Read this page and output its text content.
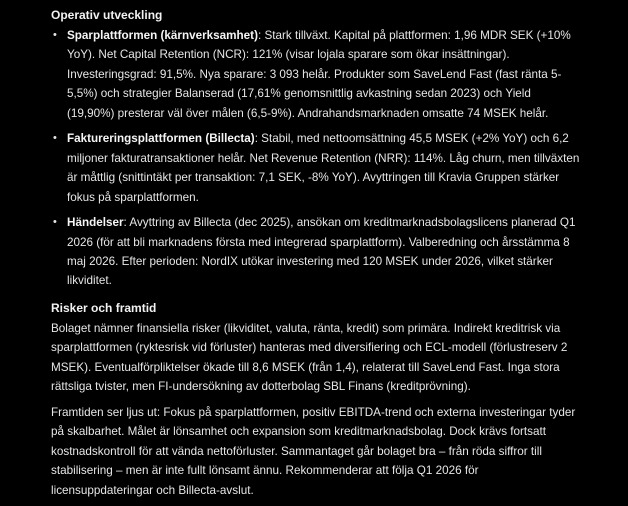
Operativ utveckling
• Sparplattformen (kärnverksamhet): Stark tillväxt. Kapital på plattformen: 1,96 MDR SEK (+10% YoY). Net Capital Retention (NCR): 121% (visar lojala sparare som ökar insättningar). Investeringsgrad: 91,5%. Nya sparare: 3 093 helår. Produkter som SaveLend Fast (fast ränta 5-5,5%) och strategier Balanserad (17,61% genomsnittlig avkastning sedan 2023) och Yield (19,90%) presterar väl över målen (6,5-9%). Andrahandsmarknaden omsatte 74 MSEK helår.
• Faktureringsplattformen (Billecta): Stabil, med nettoomsättning 45,5 MSEK (+2% YoY) och 6,2 miljoner fakturatransaktioner helår. Net Revenue Retention (NRR): 114%. Låg churn, men tillväxten är måttlig (snittintäkt per transaktion: 7,1 SEK, -8% YoY). Avyttringen till Kravia Gruppen stärker fokus på sparplattformen.
• Händelser: Avyttring av Billecta (dec 2025), ansökan om kreditmarknadsbolagslicens planerad Q1 2026 (för att bli marknadens första med integrerad sparplattform). Valberedning och årsstämma 8 maj 2026. Efter perioden: NordIX utökar investering med 120 MSEK under 2026, vilket stärker likviditet.
Risker och framtid

Bolaget nämner finansiella risker (likviditet, valuta, ränta, kredit) som primära. Indirekt kreditrisk via sparplattformen (ryktesrisk vid förluster) hanteras med diversifiering och ECL-modell (förlustreserv 2 MSEK). Eventualförpliktelser ökade till 8,6 MSEK (från 1,4), relaterat till SaveLend Fast. Inga stora rättsliga tvister, men FI-undersökning av dotterbolag SBL Finans (kreditprövning).

Framtiden ser ljus ut: Fokus på sparplattformen, positiv EBITDA-trend och externa investeringar tyder på skalbarhet. Målet är lönsamhet och expansion som kreditmarknadsbolag. Dock krävs fortsatt kostnadskontroll för att vända nettoförluster. Sammantaget går bolaget bra – från röda siffror till stabilisering – men är inte fullt lönsamt ännu. Rekommenderar att följa Q1 2026 för licensuppdateringar och Billecta-avslut.
